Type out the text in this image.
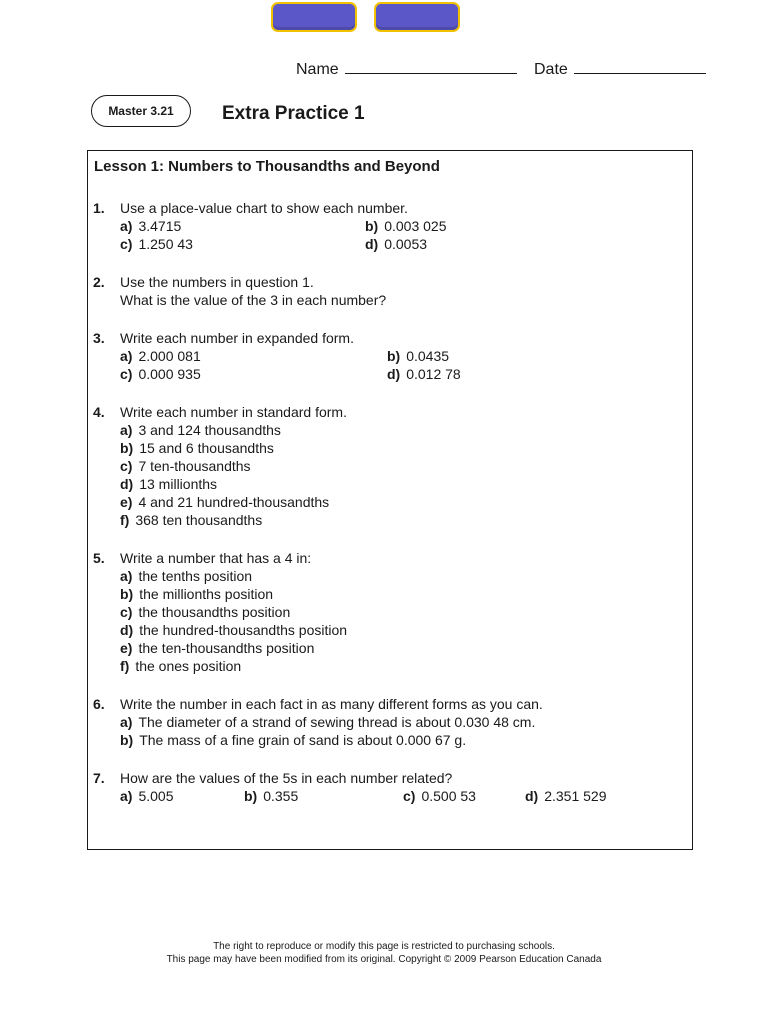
Name	Date
Master 3.21	Extra Practice 1
Lesson 1: Numbers to Thousandths and Beyond
1. Use a place-value chart to show each number.
a) 3.4715	b) 0.003 025
c) 1.250 43	d) 0.0053
2. Use the numbers in question 1.
What is the value of the 3 in each number?
3. Write each number in expanded form.
a) 2.000 081	b) 0.0435
c) 0.000 935	d) 0.012 78
4. Write each number in standard form.
a) 3 and 124 thousandths
b) 15 and 6 thousandths
c) 7 ten-thousandths
d) 13 millionths
e) 4 and 21 hundred-thousandths
f) 368 ten thousandths
5. Write a number that has a 4 in:
a) the tenths position
b) the millionths position
c) the thousandths position
d) the hundred-thousandths position
e) the ten-thousandths position
f) the ones position
6. Write the number in each fact in as many different forms as you can.
a) The diameter of a strand of sewing thread is about 0.030 48 cm.
b) The mass of a fine grain of sand is about 0.000 67 g.
7. How are the values of the 5s in each number related?
a) 5.005	b) 0.355	c) 0.500 53	d) 2.351 529
The right to reproduce or modify this page is restricted to purchasing schools.
This page may have been modified from its original. Copyright © 2009 Pearson Education Canada
